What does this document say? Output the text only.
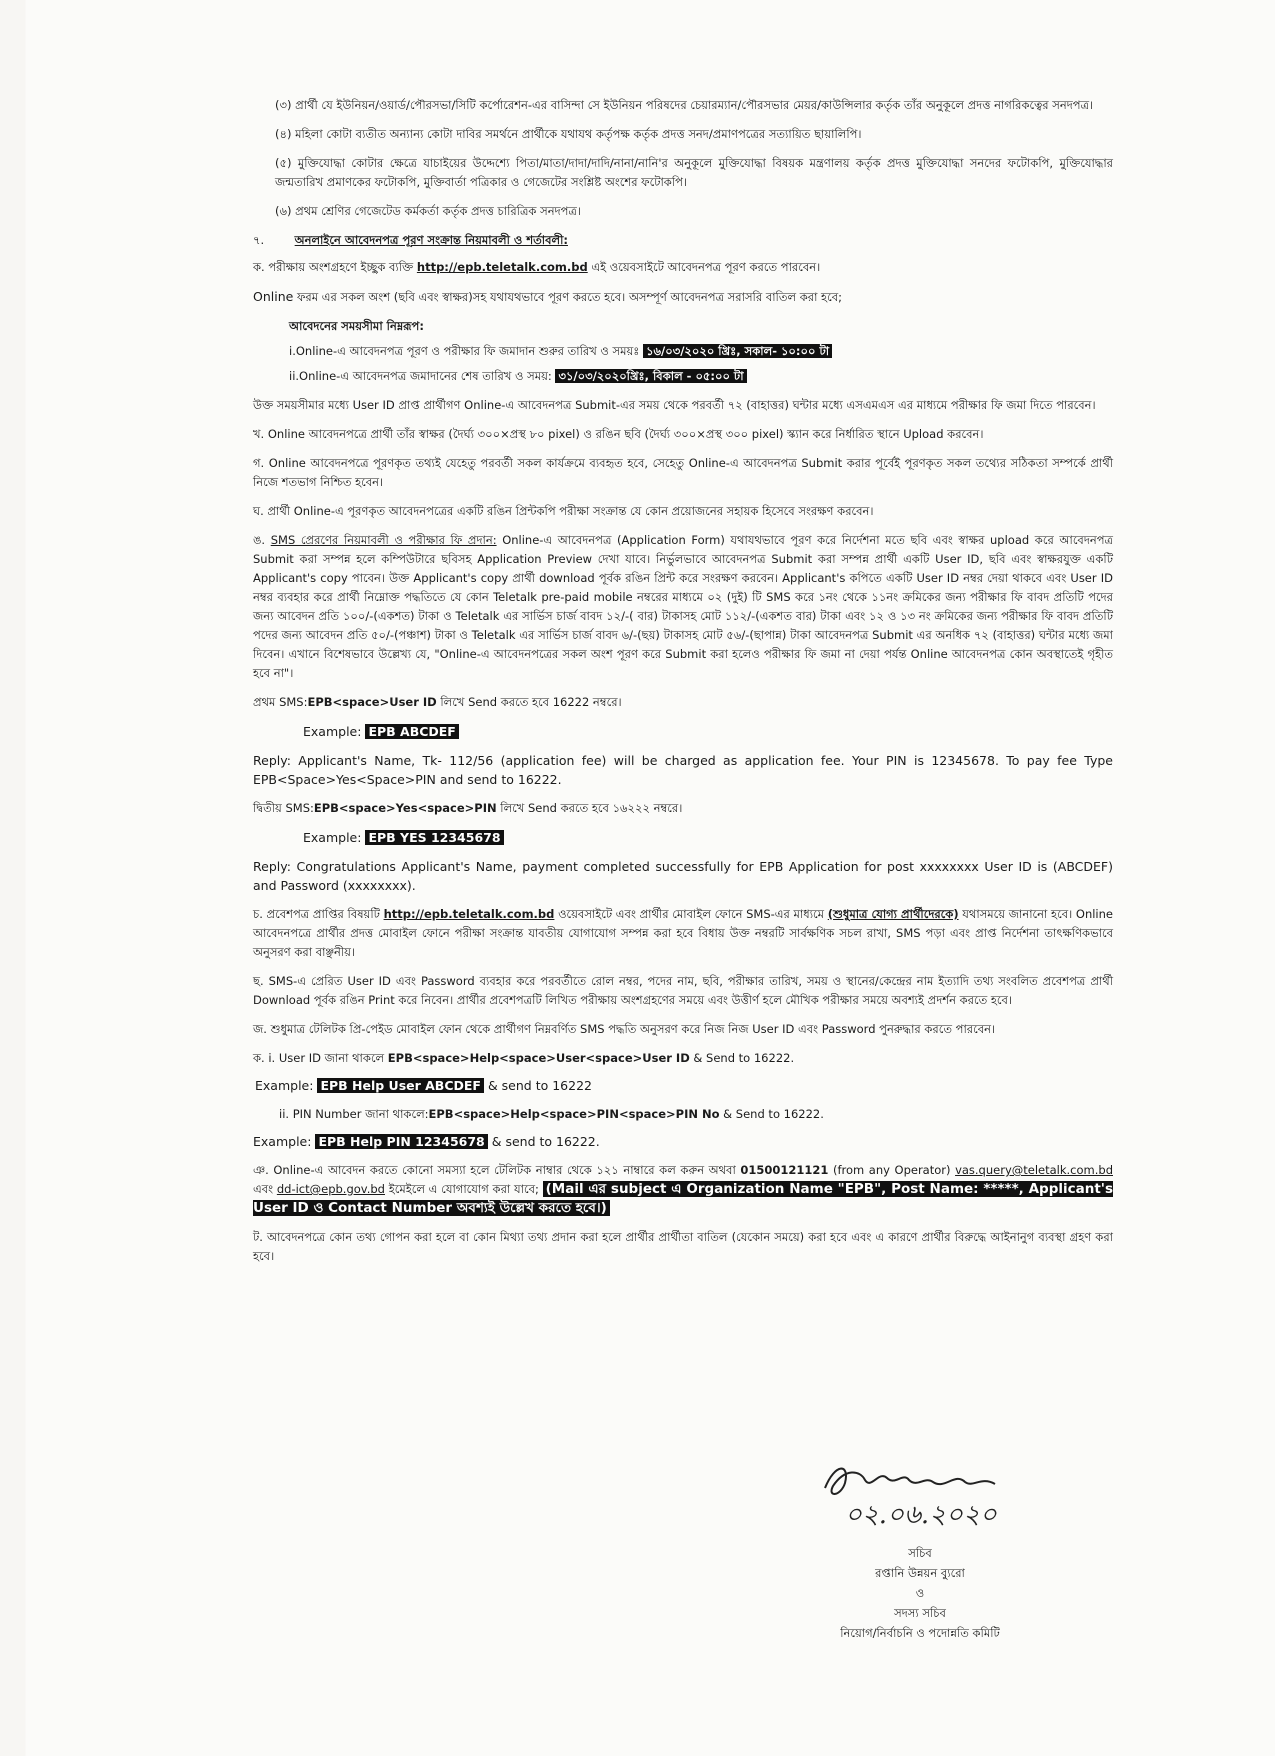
(৩) প্রার্থী যে ইউনিয়ন/ওয়ার্ড/পৌরসভা/সিটি কর্পোরেশন-এর বাসিন্দা সে ইউনিয়ন পরিষদের চেয়ারম্যান/পৌরসভার মেয়র/কাউন্সিলার কর্তৃক তাঁর অনুকূলে প্রদত্ত নাগরিকত্বের সনদপত্র।

(৪) মহিলা কোটা ব্যতীত অন্যান্য কোটা দাবির সমর্থনে প্রার্থীকে যথাযথ কর্তৃপক্ষ কর্তৃক প্রদত্ত সনদ/প্রমাণপত্রের সত্যায়িত ছায়ালিপি।

(৫) মুক্তিযোদ্ধা কোটার ক্ষেত্রে যাচাইয়ের উদ্দেশ্যে পিতা/মাতা/দাদা/দাদি/নানা/নানি'র অনুকূলে মুক্তিযোদ্ধা বিষয়ক মন্ত্রণালয় কর্তৃক প্রদত্ত মুক্তিযোদ্ধা সনদের ফটোকপি, মুক্তিযোদ্ধার জন্মতারিখ প্রমাণকের ফটোকপি, মুক্তিবার্তা পত্রিকার ও গেজেটের সংশ্লিষ্ট অংশের ফটোকপি।

(৬) প্রথম শ্রেণির গেজেটেড কর্মকর্তা কর্তৃক প্রদত্ত চারিত্রিক সনদপত্র।

৭.	অনলাইনে আবেদনপত্র পূরণ সংক্রান্ত নিয়মাবলী ও শর্তাবলী:

ক. পরীক্ষায় অংশগ্রহণে ইচ্ছুক ব্যক্তি http://epb.teletalk.com.bd এই ওয়েবসাইটে আবেদনপত্র পূরণ করতে পারবেন।

Online ফরম এর সকল অংশ (ছবি এবং স্বাক্ষর)সহ যথাযথভাবে পূরণ করতে হবে। অসম্পূর্ণ আবেদনপত্র সরাসরি বাতিল করা হবে;

আবেদনের সময়সীমা নিম্নরূপ:
i.Online-এ আবেদনপত্র পূরণ ও পরীক্ষার ফি জমাদান শুরুর তারিখ ও সময়ঃ ১৬/০৩/২০২০ খ্রিঃ, সকাল- ১০:০০ টা
ii.Online-এ আবেদনপত্র জমাদানের শেষ তারিখ ও সময়: ৩১/০৩/২০২০খ্রিঃ, বিকাল - ০৫:০০ টা

উক্ত সময়সীমার মধ্যে User ID প্রাপ্ত প্রার্থীগণ Online-এ আবেদনপত্র Submit-এর সময় থেকে পরবর্তী ৭২ (বাহাত্তর) ঘন্টার মধ্যে এসএমএস এর মাধ্যমে পরীক্ষার ফি জমা দিতে পারবেন।

খ. Online আবেদনপত্রে প্রার্থী তাঁর স্বাক্ষর (দৈর্ঘ্য ৩০০×প্রস্থ ৮০ pixel) ও রঙিন ছবি (দৈর্ঘ্য ৩০০×প্রস্থ ৩০০ pixel) স্ক্যান করে নির্ধারিত স্থানে Upload করবেন।

গ. Online আবেদনপত্রে পূরণকৃত তথ্যই যেহেতু পরবর্তী সকল কার্যক্রমে ব্যবহৃত হবে, সেহেতু Online-এ আবেদনপত্র Submit করার পূর্বেই পূরণকৃত সকল তথ্যের সঠিকতা সম্পর্কে প্রার্থী নিজে শতভাগ নিশ্চিত হবেন।

ঘ. প্রার্থী Online-এ পূরণকৃত আবেদনপত্রের একটি রঙিন প্রিন্টকপি পরীক্ষা সংক্রান্ত যে কোন প্রয়োজনের সহায়ক হিসেবে সংরক্ষণ করবেন।

ঙ. SMS প্রেরণের নিয়মাবলী ও পরীক্ষার ফি প্রদান: Online-এ আবেদনপত্র (Application Form) যথাযথভাবে পূরণ করে নির্দেশনা মতে ছবি এবং স্বাক্ষর upload করে আবেদনপত্র Submit করা সম্পন্ন হলে কম্পিউটারে ছবিসহ Application Preview দেখা যাবে। নির্ভুলভাবে আবেদনপত্র Submit করা সম্পন্ন প্রার্থী একটি User ID, ছবি এবং স্বাক্ষরযুক্ত একটি Applicant's copy পাবেন। উক্ত Applicant's copy প্রার্থী download পূর্বক রঙিন প্রিন্ট করে সংরক্ষণ করবেন। Applicant's কপিতে একটি User ID নম্বর দেয়া থাকবে এবং User ID নম্বর ব্যবহার করে প্রার্থী নিম্নোক্ত পদ্ধতিতে যে কোন Teletalk pre-paid mobile নম্বরের মাধ্যমে ০২ (দুই) টি SMS করে ১নং থেকে ১১নং ক্রমিকের জন্য পরীক্ষার ফি বাবদ প্রতিটি পদের জন্য আবেদন প্রতি ১০০/-(একশত) টাকা ও Teletalk এর সার্ভিস চার্জ বাবদ ১২/-( বার) টাকাসহ মোট ১১২/-(একশত বার) টাকা এবং ১২ ও ১৩ নং ক্রমিকের জন্য পরীক্ষার ফি বাবদ প্রতিটি পদের জন্য আবেদন প্রতি ৫০/-(পঞ্চাশ) টাকা ও Teletalk এর সার্ভিস চার্জ বাবদ ৬/-(ছয়) টাকাসহ মোট ৫৬/-(ছাপান্ন) টাকা আবেদনপত্র Submit এর অনধিক ৭২ (বাহাত্তর) ঘন্টার মধ্যে জমা দিবেন। এখানে বিশেষভাবে উল্লেখ্য যে, "Online-এ আবেদনপত্রের সকল অংশ পূরণ করে Submit করা হলেও পরীক্ষার ফি জমা না দেয়া পর্যন্ত Online আবেদনপত্র কোন অবস্থাতেই গৃহীত হবে না"।

প্রথম SMS:EPB<space>User ID লিখে Send করতে হবে 16222 নম্বরে।

Example: EPB ABCDEF

Reply: Applicant's Name, Tk- 112/56 (application fee) will be charged as application fee. Your PIN is 12345678. To pay fee Type EPB<Space>Yes<Space>PIN and send to 16222.

দ্বিতীয় SMS:EPB<space>Yes<space>PIN লিখে Send করতে হবে ১৬২২২ নম্বরে।

Example: EPB YES 12345678

Reply: Congratulations Applicant's Name, payment completed successfully for EPB Application for post xxxxxxxx User ID is (ABCDEF) and Password (xxxxxxxx).

চ. প্রবেশপত্র প্রাপ্তির বিষয়টি http://epb.teletalk.com.bd ওয়েবসাইটে এবং প্রার্থীর মোবাইল ফোনে SMS-এর মাধ্যমে (শুধুমাত্র যোগ্য প্রার্থীদেরকে) যথাসময়ে জানানো হবে। Online আবেদনপত্রে প্রার্থীর প্রদত্ত মোবাইল ফোনে পরীক্ষা সংক্রান্ত যাবতীয় যোগাযোগ সম্পন্ন করা হবে বিধায় উক্ত নম্বরটি সার্বক্ষণিক সচল রাখা, SMS পড়া এবং প্রাপ্ত নির্দেশনা তাৎক্ষণিকভাবে অনুসরণ করা বাঞ্ছনীয়।

ছ. SMS-এ প্রেরিত User ID এবং Password ব্যবহার করে পরবর্তীতে রোল নম্বর, পদের নাম, ছবি, পরীক্ষার তারিখ, সময় ও স্থানের/কেন্দ্রের নাম ইত্যাদি তথ্য সংবলিত প্রবেশপত্র প্রার্থী Download পূর্বক রঙিন Print করে নিবেন। প্রার্থীর প্রবেশপত্রটি লিখিত পরীক্ষায় অংশগ্রহণের সময়ে এবং উত্তীর্ণ হলে মৌখিক পরীক্ষার সময়ে অবশ্যই প্রদর্শন করতে হবে।

জ. শুধুমাত্র টেলিটক প্রি-পেইড মোবাইল ফোন থেকে প্রার্থীগণ নিম্নবর্ণিত SMS পদ্ধতি অনুসরণ করে নিজ নিজ User ID এবং Password পুনরুদ্ধার করতে পারবেন।

ক. i. User ID জানা থাকলে EPB<space>Help<space>User<space>User ID & Send to 16222.

Example: EPB Help User ABCDEF & send to 16222

ii. PIN Number জানা থাকলে:EPB<space>Help<space>PIN<space>PIN No & Send to 16222.

Example: EPB Help PIN 12345678 & send to 16222.

ঞ. Online-এ আবেদন করতে কোনো সমস্যা হলে টেলিটক নাম্বার থেকে ১২১ নাম্বারে কল করুন অথবা 01500121121 (from any Operator) vas.query@teletalk.com.bd এবং dd-ict@epb.gov.bd ইমেইলে এ যোগাযোগ করা যাবে; (Mail এর subject এ Organization Name "EPB", Post Name: *****, Applicant's User ID ও Contact Number অবশ্যই উল্লেখ করতে হবে।)

ট. আবেদনপত্রে কোন তথ্য গোপন করা হলে বা কোন মিথ্যা তথ্য প্রদান করা হলে প্রার্থীর প্রার্থীতা বাতিল (যেকোন সময়ে) করা হবে এবং এ কারণে প্রার্থীর বিরুদ্ধে আইনানুগ ব্যবস্থা গ্রহণ করা হবে।

০২.০৬.২০২০
সচিব
রপ্তানি উন্নয়ন ব্যুরো
ও
সদস্য সচিব
নিয়োগ/নির্বাচনি ও পদোন্নতি কমিটি
